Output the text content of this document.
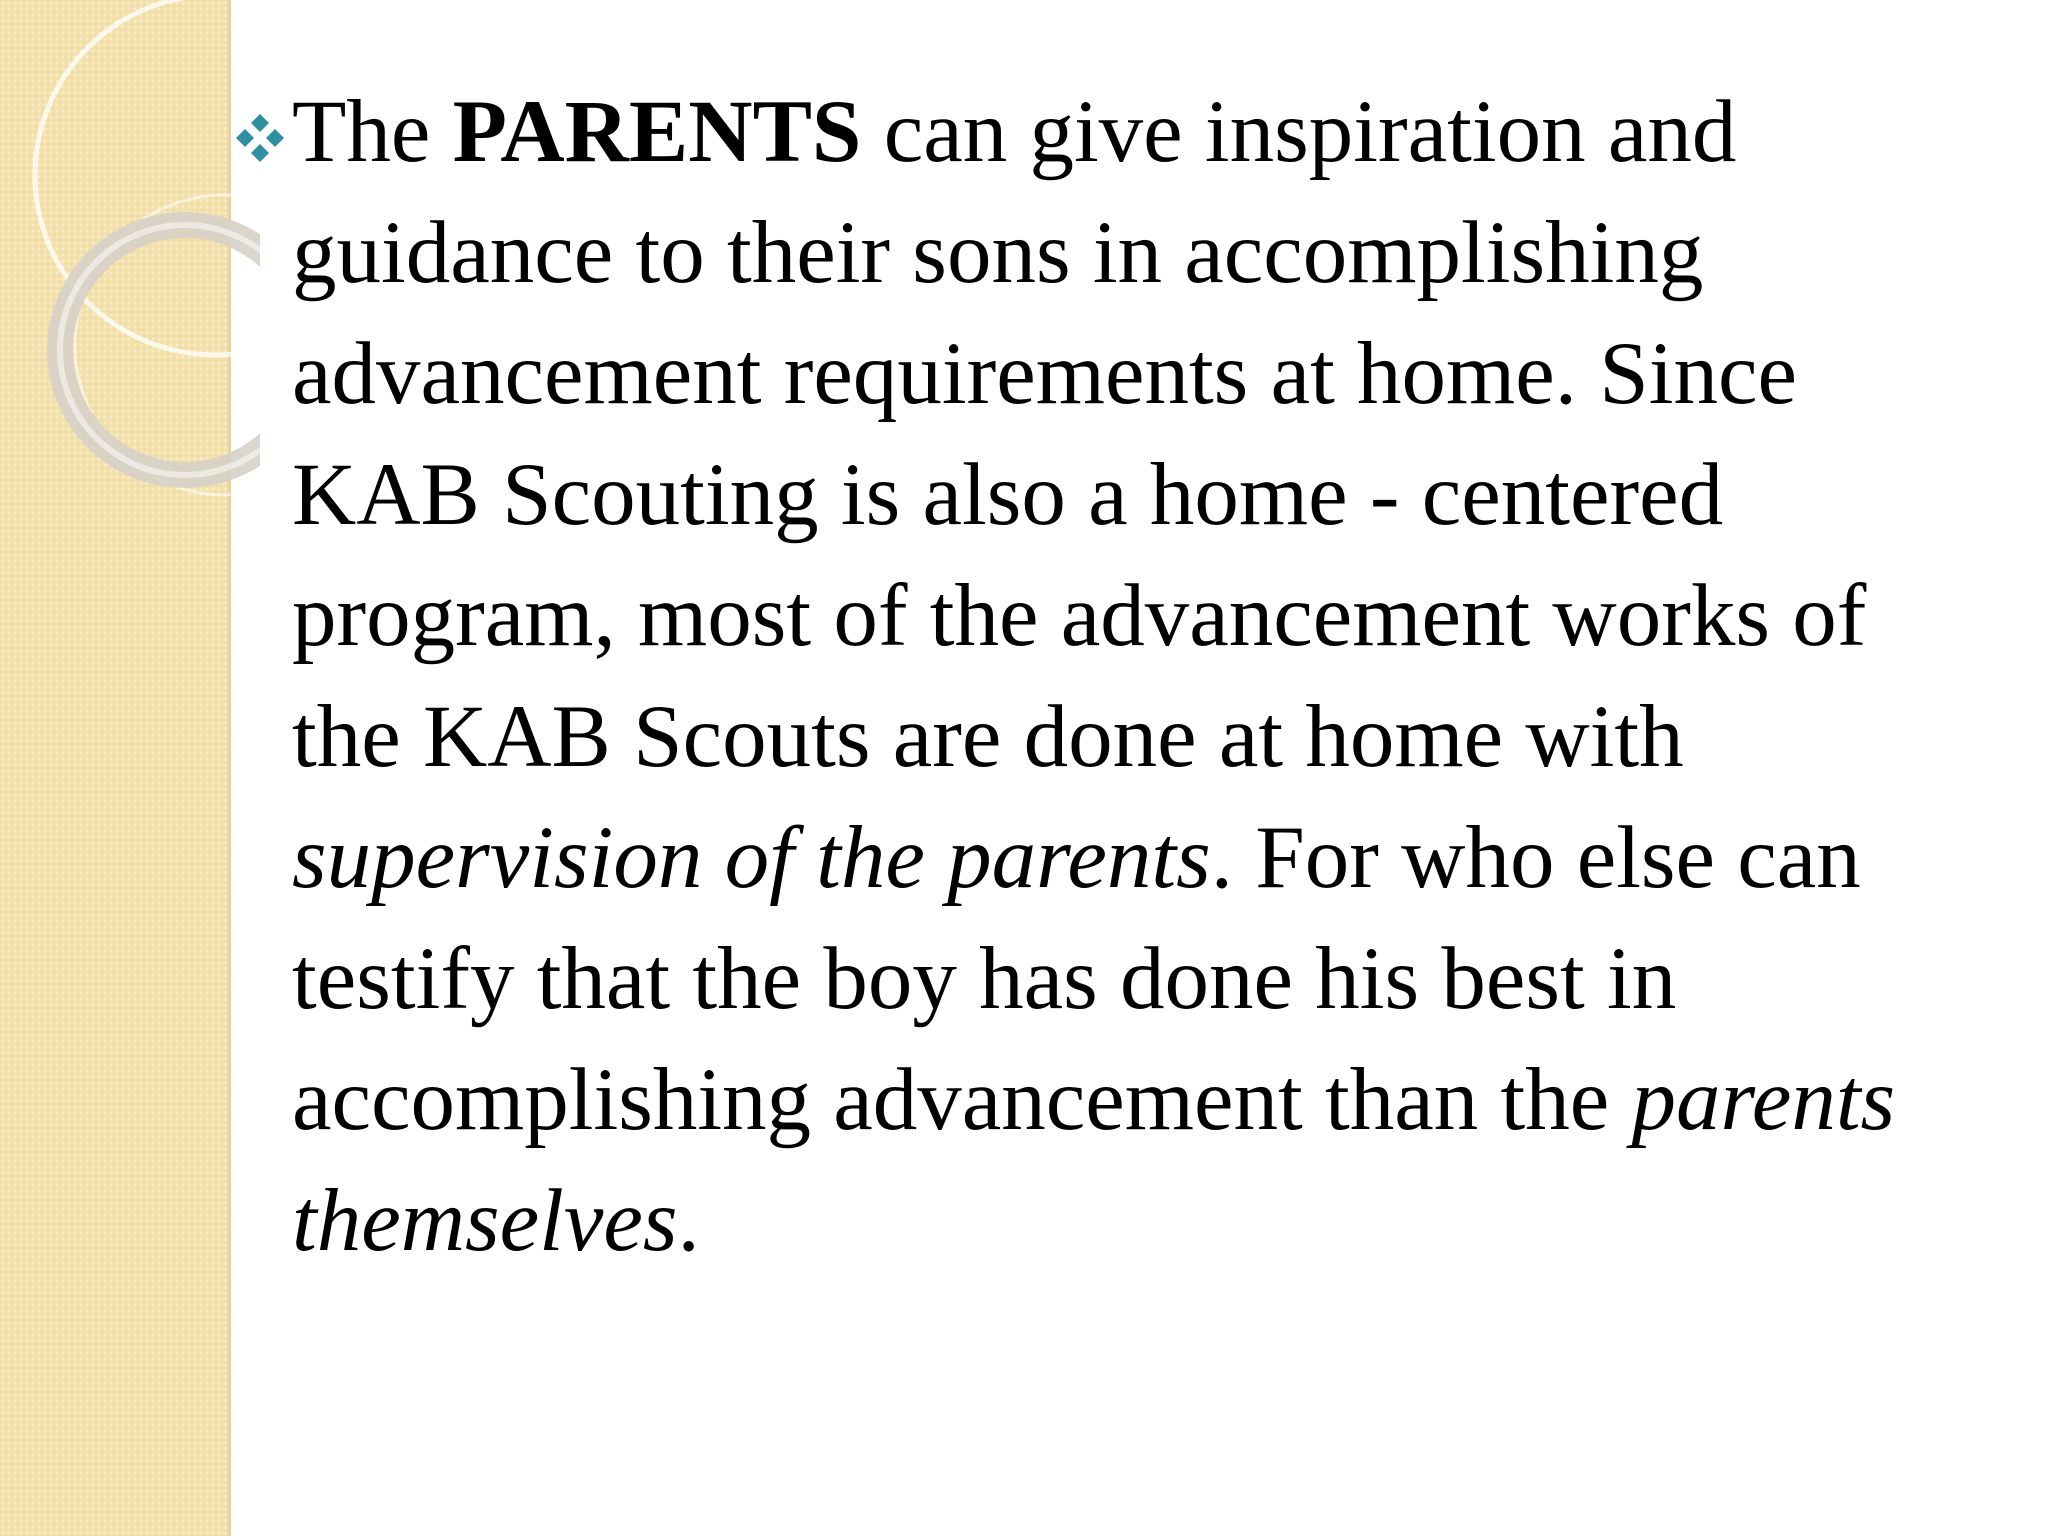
The PARENTS can give inspiration and guidance to their sons in accomplishing advancement requirements at home. Since KAB Scouting is also a home - centered program, most of the advancement works of the KAB Scouts are done at home with supervision of the parents. For who else can testify that the boy has done his best in accomplishing advancement than the parents themselves.
